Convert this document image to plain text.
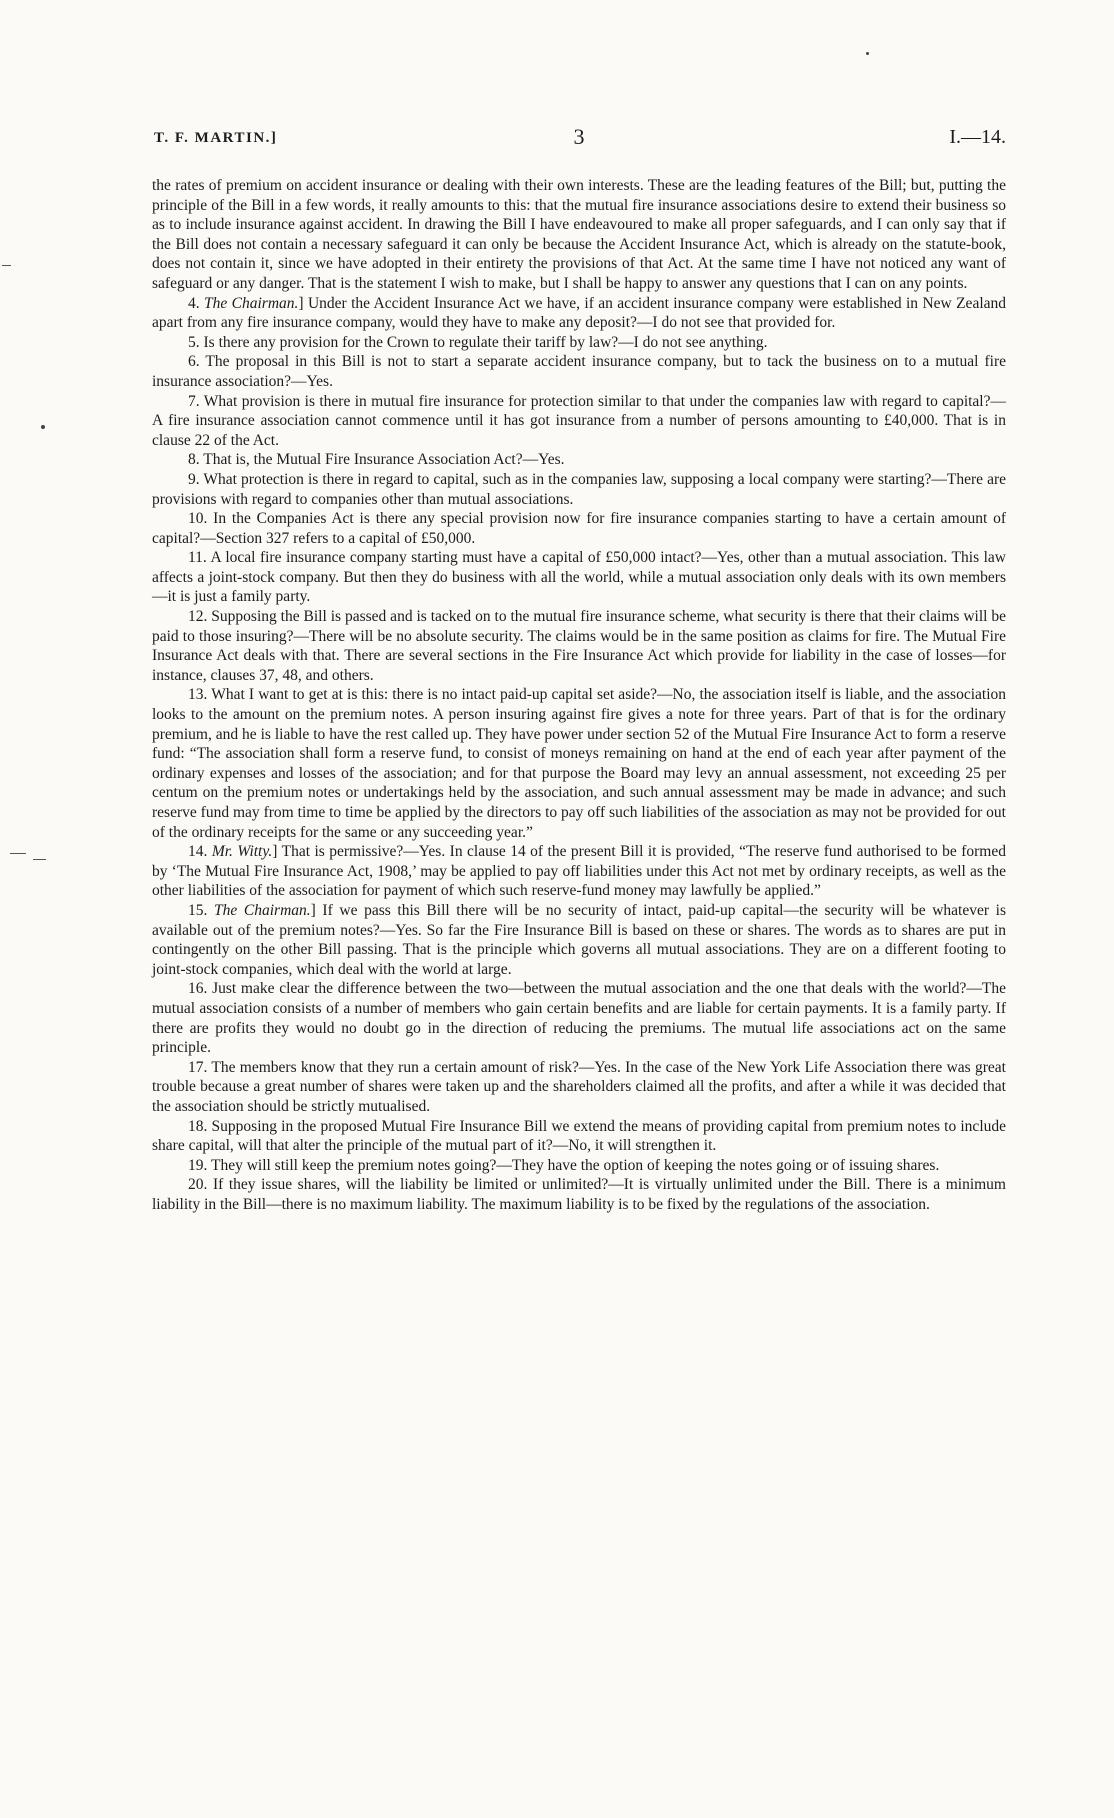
T. F. MARTIN.]	3	I.—14.

the rates of premium on accident insurance or dealing with their own interests. These are the leading features of the Bill; but, putting the principle of the Bill in a few words, it really amounts to this: that the mutual fire insurance associations desire to extend their business so as to include insurance against accident. In drawing the Bill I have endeavoured to make all proper safeguards, and I can only say that if the Bill does not contain a necessary safeguard it can only be because the Accident Insurance Act, which is already on the statute-book, does not contain it, since we have adopted in their entirety the provisions of that Act. At the same time I have not noticed any want of safeguard or any danger. That is the statement I wish to make, but I shall be happy to answer any questions that I can on any points.

4. The Chairman.] Under the Accident Insurance Act we have, if an accident insurance company were established in New Zealand apart from any fire insurance company, would they have to make any deposit?—I do not see that provided for.

5. Is there any provision for the Crown to regulate their tariff by law?—I do not see anything.

6. The proposal in this Bill is not to start a separate accident insurance company, but to tack the business on to a mutual fire insurance association?—Yes.

7. What provision is there in mutual fire insurance for protection similar to that under the companies law with regard to capital?—A fire insurance association cannot commence until it has got insurance from a number of persons amounting to £40,000. That is in clause 22 of the Act.

8. That is, the Mutual Fire Insurance Association Act?—Yes.

9. What protection is there in regard to capital, such as in the companies law, supposing a local company were starting?—There are provisions with regard to companies other than mutual associations.

10. In the Companies Act is there any special provision now for fire insurance companies starting to have a certain amount of capital?—Section 327 refers to a capital of £50,000.

11. A local fire insurance company starting must have a capital of £50,000 intact?—Yes, other than a mutual association. This law affects a joint-stock company. But then they do business with all the world, while a mutual association only deals with its own members—it is just a family party.

12. Supposing the Bill is passed and is tacked on to the mutual fire insurance scheme, what security is there that their claims will be paid to those insuring?—There will be no absolute security. The claims would be in the same position as claims for fire. The Mutual Fire Insurance Act deals with that. There are several sections in the Fire Insurance Act which provide for liability in the case of losses—for instance, clauses 37, 48, and others.

13. What I want to get at is this: there is no intact paid-up capital set aside?—No, the association itself is liable, and the association looks to the amount on the premium notes. A person insuring against fire gives a note for three years. Part of that is for the ordinary premium, and he is liable to have the rest called up. They have power under section 52 of the Mutual Fire Insurance Act to form a reserve fund: “The association shall form a reserve fund, to consist of moneys remaining on hand at the end of each year after payment of the ordinary expenses and losses of the association; and for that purpose the Board may levy an annual assessment, not exceeding 25 per centum on the premium notes or undertakings held by the association, and such annual assessment may be made in advance; and such reserve fund may from time to time be applied by the directors to pay off such liabilities of the association as may not be provided for out of the ordinary receipts for the same or any succeeding year.”

14. Mr. Witty.] That is permissive?—Yes. In clause 14 of the present Bill it is provided, “The reserve fund authorised to be formed by ‘The Mutual Fire Insurance Act, 1908,’ may be applied to pay off liabilities under this Act not met by ordinary receipts, as well as the other liabilities of the association for payment of which such reserve-fund money may lawfully be applied.”

15. The Chairman.] If we pass this Bill there will be no security of intact, paid-up capital—the security will be whatever is available out of the premium notes?—Yes. So far the Fire Insurance Bill is based on these or shares. The words as to shares are put in contingently on the other Bill passing. That is the principle which governs all mutual associations. They are on a different footing to joint-stock companies, which deal with the world at large.

16. Just make clear the difference between the two—between the mutual association and the one that deals with the world?—The mutual association consists of a number of members who gain certain benefits and are liable for certain payments. It is a family party. If there are profits they would no doubt go in the direction of reducing the premiums. The mutual life associations act on the same principle.

17. The members know that they run a certain amount of risk?—Yes. In the case of the New York Life Association there was great trouble because a great number of shares were taken up and the shareholders claimed all the profits, and after a while it was decided that the association should be strictly mutualised.

18. Supposing in the proposed Mutual Fire Insurance Bill we extend the means of providing capital from premium notes to include share capital, will that alter the principle of the mutual part of it?—No, it will strengthen it.

19. They will still keep the premium notes going?—They have the option of keeping the notes going or of issuing shares.

20. If they issue shares, will the liability be limited or unlimited?—It is virtually unlimited under the Bill. There is a minimum liability in the Bill—there is no maximum liability. The maximum liability is to be fixed by the regulations of the association.
